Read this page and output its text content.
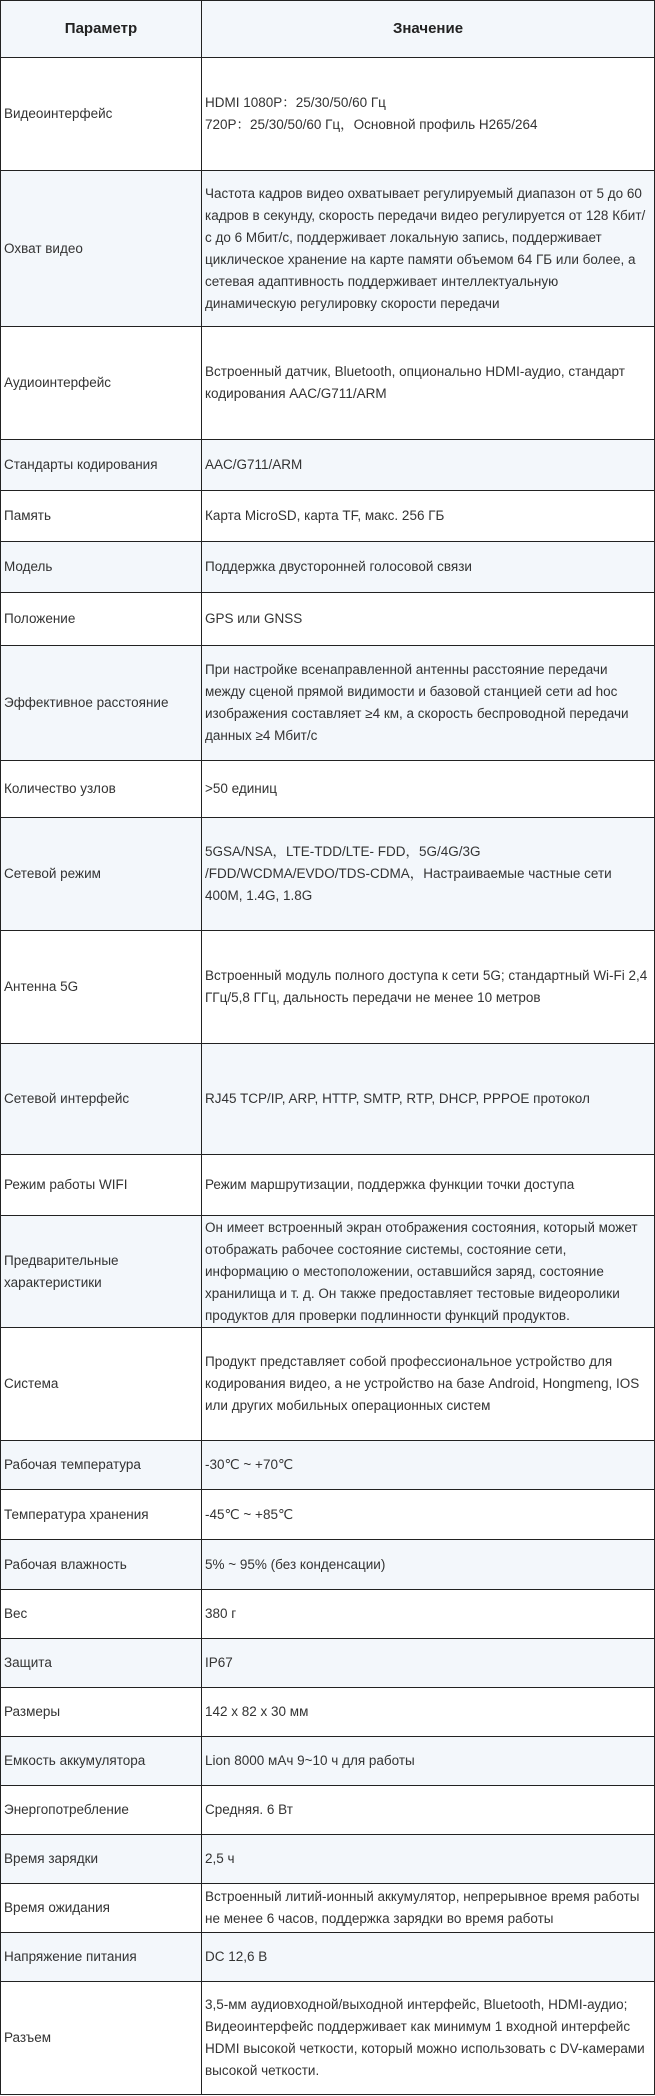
Параметр	Значение
Видеоинтерфейс	HDMI 1080P：25/30/50/60 Гц
720P：25/30/50/60 Гц，Основной профиль H265/264
Охват видео	Частота кадров видео охватывает регулируемый диапазон от 5 до 60 кадров в секунду, скорость передачи видео регулируется от 128 Кбит/с до 6 Мбит/с, поддерживает локальную запись, поддерживает циклическое хранение на карте памяти объемом 64 ГБ или более, а сетевая адаптивность поддерживает интеллектуальную динамическую регулировку скорости передачи
Аудиоинтерфейс	Встроенный датчик, Bluetooth, опционально HDMI-аудио, стандарт кодирования AAC/G711/ARM
Стандарты кодирования	AAC/G711/ARM
Память	Карта MicroSD, карта TF, макс. 256 ГБ
Модель	Поддержка двусторонней голосовой связи
Положение	GPS или GNSS
Эффективное расстояние	При настройке всенаправленной антенны расстояние передачи между сценой прямой видимости и базовой станцией сети ad hoc изображения составляет ≥4 км, а скорость беспроводной передачи данных ≥4 Мбит/с
Количество узлов	>50 единиц
Сетевой режим	5GSA/NSA，LTE-TDD/LTE- FDD，5G/4G/3G
/FDD/WCDMA/EVDO/TDS-CDMA，Настраиваемые частные сети 400M, 1.4G, 1.8G
Антенна 5G	Встроенный модуль полного доступа к сети 5G; стандартный Wi-Fi 2,4 ГГц/5,8 ГГц, дальность передачи не менее 10 метров
Сетевой интерфейс	RJ45 TCP/IP, ARP, HTTP, SMTP, RTP, DHCP, PPPOE протокол
Режим работы WIFI	Режим маршрутизации, поддержка функции точки доступа
Предварительные характеристики	Он имеет встроенный экран отображения состояния, который может отображать рабочее состояние системы, состояние сети, информацию о местоположении, оставшийся заряд, состояние хранилища и т. д. Он также предоставляет тестовые видеоролики продуктов для проверки подлинности функций продуктов.
Система	Продукт представляет собой профессиональное устройство для кодирования видео, а не устройство на базе Android, Hongmeng, IOS или других мобильных операционных систем
Рабочая температура	-30℃ ~ +70℃
Температура хранения	-45℃ ~ +85℃
Рабочая влажность	5% ~ 95% (без конденсации)
Вес	380 г
Защита	IP67
Размеры	142 x 82 x 30 мм
Емкость аккумулятора	Lion 8000 мАч 9~10 ч для работы
Энергопотребление	Средняя. 6 Вт
Время зарядки	2,5 ч
Время ожидания	Встроенный литий-ионный аккумулятор, непрерывное время работы не менее 6 часов, поддержка зарядки во время работы
Напряжение питания	DC 12,6 В
Разъем	3,5-мм аудиовходной/выходной интерфейс, Bluetooth, HDMI-аудио; Видеоинтерфейс поддерживает как минимум 1 входной интерфейс HDMI высокой четкости, который можно использовать с DV-камерами высокой четкости.
